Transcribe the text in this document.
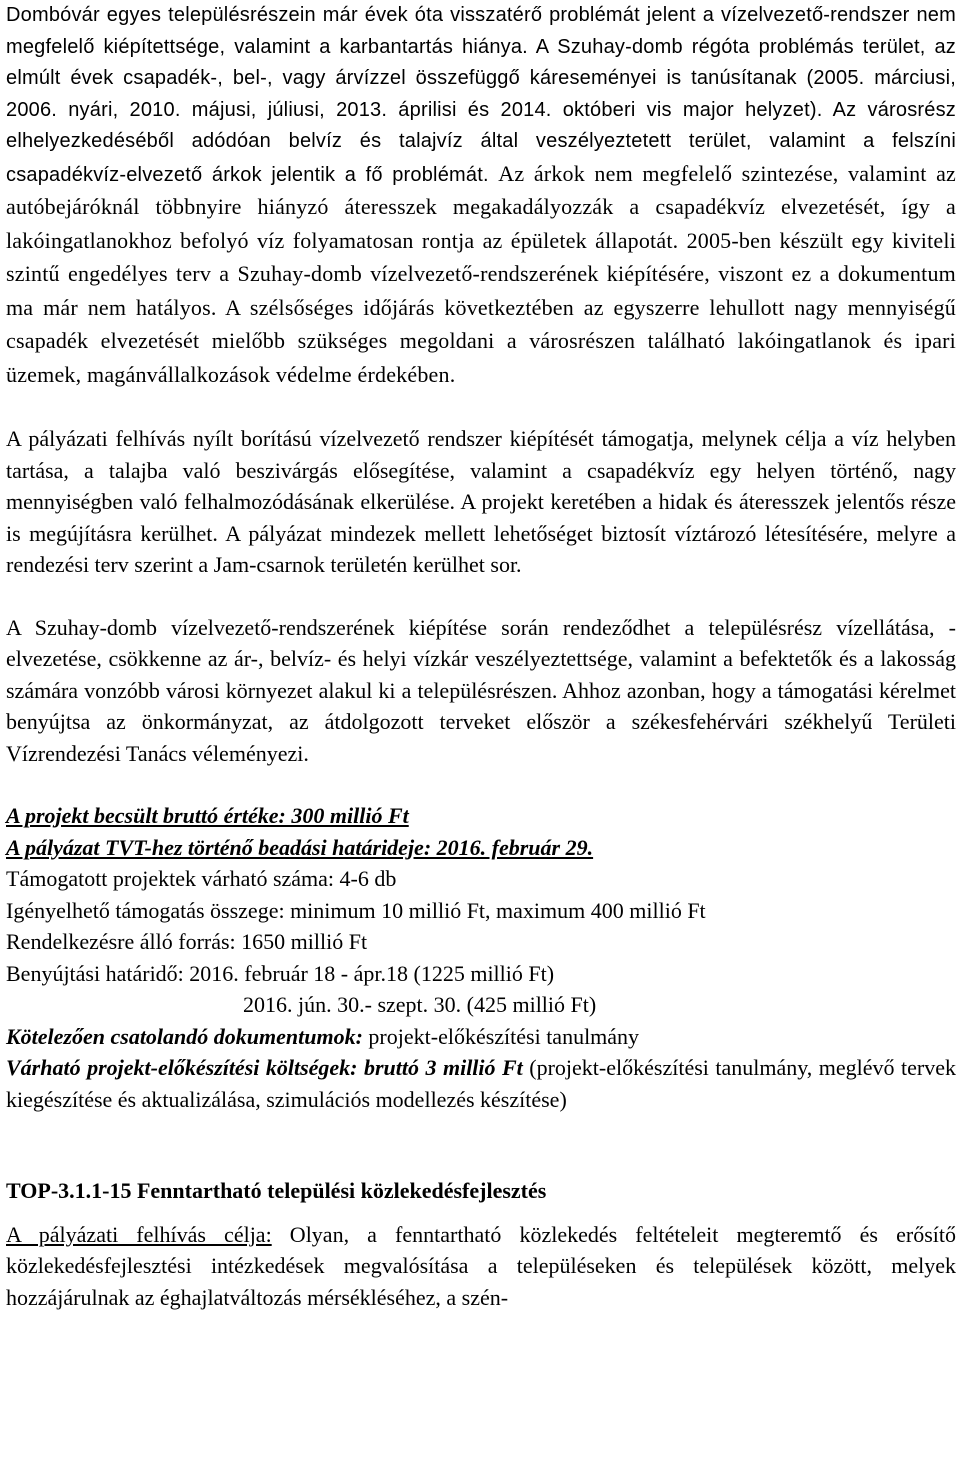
Dombóvár egyes településrészein már évek óta visszatérő problémát jelent a vízelvezető-rendszer nem megfelelő kiépítettsége, valamint a karbantartás hiánya. A Szuhay-domb régóta problémás terület, az elmúlt évek csapadék-, bel-, vagy árvízzel összefüggő káreseményei is tanúsítanak (2005. márciusi, 2006. nyári, 2010. májusi, júliusi, 2013. áprilisi és 2014. októberi vis major helyzet). Az városrész elhelyezkedéséből adódóan belvíz és talajvíz által veszélyeztetett terület, valamint a felszíni csapadékvíz-elvezető árkok jelentik a fő problémát. Az árkok nem megfelelő szintezése, valamint az autóbejáróknál többnyire hiányzó áteresszek megakadályozzák a csapadékvíz elvezetését, így a lakóingatlanokhoz befolyó víz folyamatosan rontja az épületek állapotát. 2005-ben készült egy kiviteli szintű engedélyes terv a Szuhay-domb vízelvezető-rendszerének kiépítésére, viszont ez a dokumentum ma már nem hatályos. A szélsőséges időjárás következtében az egyszerre lehullott nagy mennyiségű csapadék elvezetését mielőbb szükséges megoldani a városrészen található lakóingatlanok és ipari üzemek, magánvállalkozások védelme érdekében.

A pályázati felhívás nyílt borítású vízelvezető rendszer kiépítését támogatja, melynek célja a víz helyben tartása, a talajba való beszivárgás elősegítése, valamint a csapadékvíz egy helyen történő, nagy mennyiségben való felhalmozódásának elkerülése. A projekt keretében a hidak és áteresszek jelentős része is megújításra kerülhet. A pályázat mindezek mellett lehetőséget biztosít víztározó létesítésére, melyre a rendezési terv szerint a Jam-csarnok területén kerülhet sor.

A Szuhay-domb vízelvezető-rendszerének kiépítése során rendeződhet a településrész vízellátása, -elvezetése, csökkenne az ár-, belvíz- és helyi vízkár veszélyeztettsége, valamint a befektetők és a lakosság számára vonzóbb városi környezet alakul ki a településrészen. Ahhoz azonban, hogy a támogatási kérelmet benyújtsa az önkormányzat, az átdolgozott terveket először a székesfehérvári székhelyű Területi Vízrendezési Tanács véleményezi.

A projekt becsült bruttó értéke: 300 millió Ft

A pályázat TVT-hez történő beadási határideje: 2016. február 29.

Támogatott projektek várható száma: 4-6 db

Igényelhető támogatás összege: minimum 10 millió Ft, maximum 400 millió Ft

Rendelkezésre álló forrás: 1650 millió Ft

Benyújtási határidő: 2016. február 18 - ápr.18 (1225 millió Ft)

2016. jún. 30.- szept. 30. (425 millió Ft)

Kötelezően csatolandó dokumentumok: projekt-előkészítési tanulmány

Várható projekt-előkészítési költségek: bruttó 3 millió Ft (projekt-előkészítési tanulmány, meglévő tervek kiegészítése és aktualizálása, szimulációs modellezés készítése)

TOP-3.1.1-15 Fenntartható települési közlekedésfejlesztés

A pályázati felhívás célja: Olyan, a fenntartható közlekedés feltételeit megteremtő és erősítő közlekedésfejlesztési intézkedések megvalósítása a településeken és települések között, melyek hozzájárulnak az éghajlatváltozás mérsékléséhez, a szén-
